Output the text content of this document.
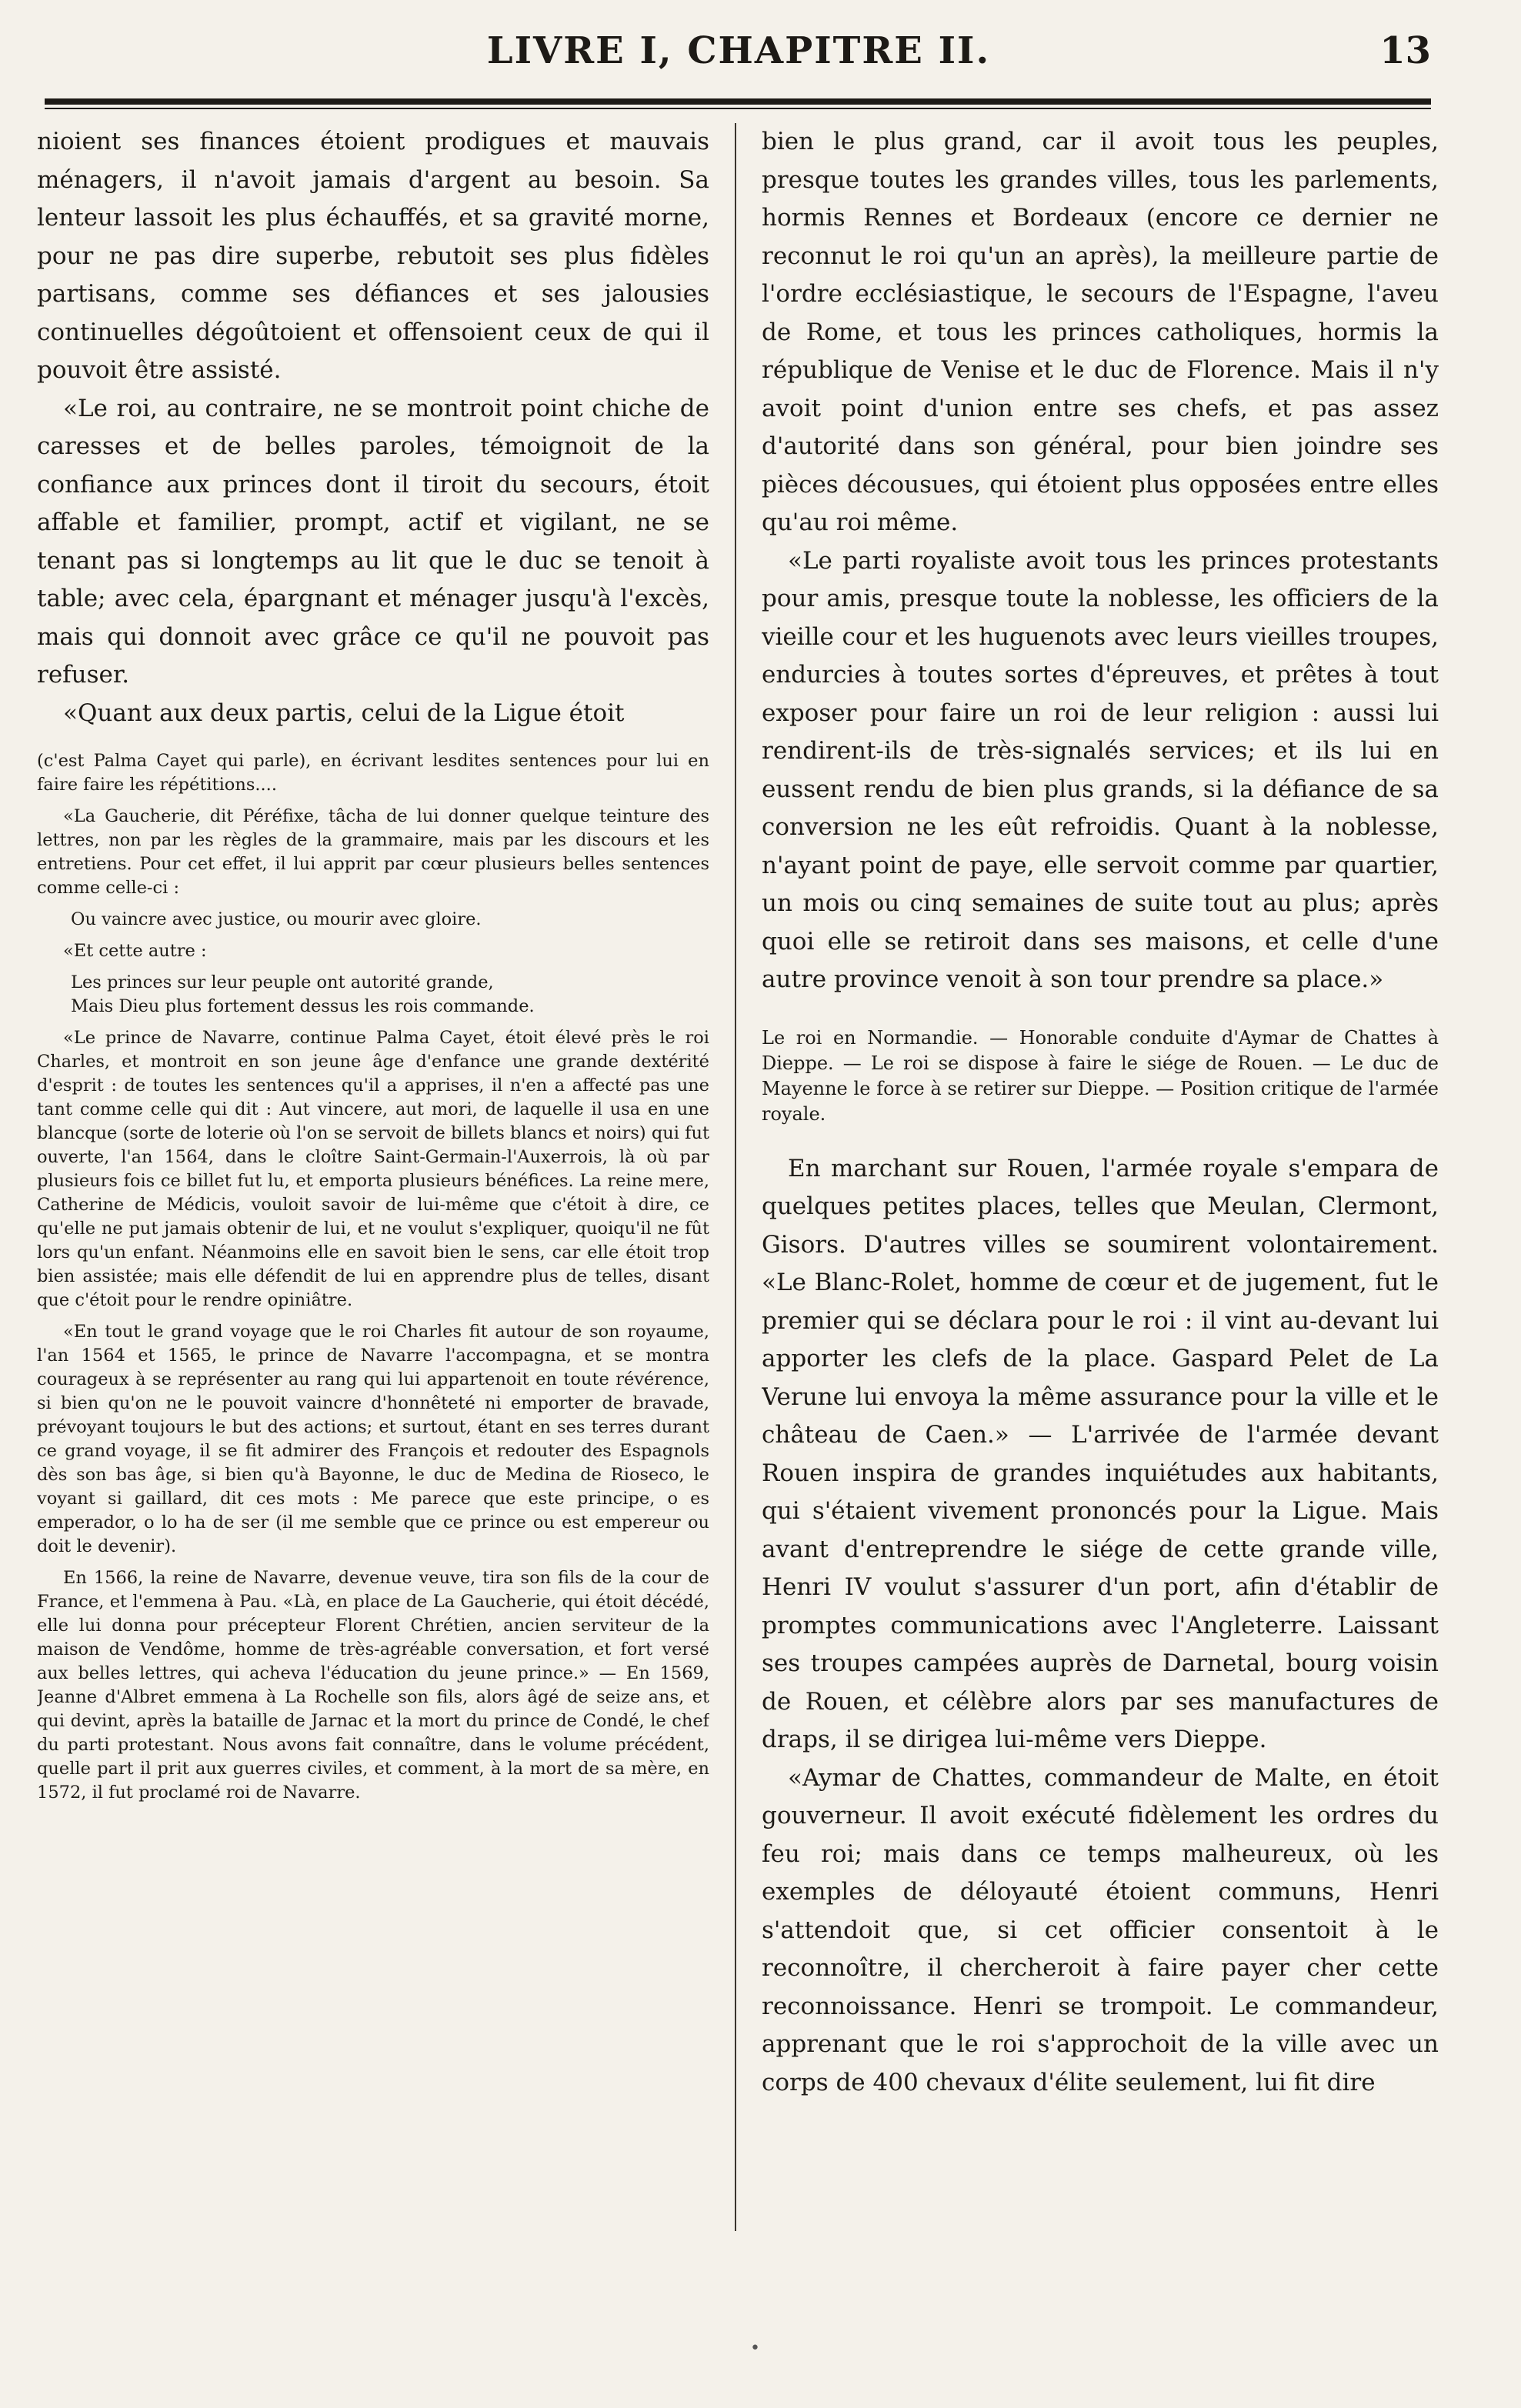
LIVRE I, CHAPITRE II.	13

nioient ses finances étoient prodigues et mauvais ménagers, il n'avoit jamais d'argent au besoin. Sa lenteur lassoit les plus échauffés, et sa gravité morne, pour ne pas dire superbe, rebutoit ses plus fidèles partisans, comme ses défiances et ses jalousies continuelles dégoûtoient et offensoient ceux de qui il pouvoit être assisté.

«Le roi, au contraire, ne se montroit point chiche de caresses et de belles paroles, témoignoit de la confiance aux princes dont il tiroit du secours, étoit affable et familier, prompt, actif et vigilant, ne se tenant pas si longtemps au lit que le duc se tenoit à table; avec cela, épargnant et ménager jusqu'à l'excès, mais qui donnoit avec grâce ce qu'il ne pouvoit pas refuser.

«Quant aux deux partis, celui de la Ligue étoit

(c'est Palma Cayet qui parle), en écrivant lesdites sentences pour lui en faire faire les répétitions....

«La Gaucherie, dit Péréfixe, tâcha de lui donner quelque teinture des lettres, non par les règles de la grammaire, mais par les discours et les entretiens. Pour cet effet, il lui apprit par cœur plusieurs belles sentences comme celle-ci :

Ou vaincre avec justice, ou mourir avec gloire.

«Et cette autre :

Les princes sur leur peuple ont autorité grande,

Mais Dieu plus fortement dessus les rois commande.

«Le prince de Navarre, continue Palma Cayet, étoit élevé près le roi Charles, et montroit en son jeune âge d'enfance une grande dextérité d'esprit : de toutes les sentences qu'il a apprises, il n'en a affecté pas une tant comme celle qui dit : Aut vincere, aut mori, de laquelle il usa en une blancque (sorte de loterie où l'on se servoit de billets blancs et noirs) qui fut ouverte, l'an 1564, dans le cloître Saint-Germain-l'Auxerrois, là où par plusieurs fois ce billet fut lu, et emporta plusieurs bénéfices. La reine mere, Catherine de Médicis, vouloit savoir de lui-même que c'étoit à dire, ce qu'elle ne put jamais obtenir de lui, et ne voulut s'expliquer, quoiqu'il ne fût lors qu'un enfant. Néanmoins elle en savoit bien le sens, car elle étoit trop bien assistée; mais elle défendit de lui en apprendre plus de telles, disant que c'étoit pour le rendre opiniâtre.

«En tout le grand voyage que le roi Charles fit autour de son royaume, l'an 1564 et 1565, le prince de Navarre l'accompagna, et se montra courageux à se représenter au rang qui lui appartenoit en toute révérence, si bien qu'on ne le pouvoit vaincre d'honnêteté ni emporter de bravade, prévoyant toujours le but des actions; et surtout, étant en ses terres durant ce grand voyage, il se fit admirer des François et redouter des Espagnols dès son bas âge, si bien qu'à Bayonne, le duc de Medina de Rioseco, le voyant si gaillard, dit ces mots : Me parece que este principe, o es emperador, o lo ha de ser (il me semble que ce prince ou est empereur ou doit le devenir).

En 1566, la reine de Navarre, devenue veuve, tira son fils de la cour de France, et l'emmena à Pau. «Là, en place de La Gaucherie, qui étoit décédé, elle lui donna pour précepteur Florent Chrétien, ancien serviteur de la maison de Vendôme, homme de très-agréable conversation, et fort versé aux belles lettres, qui acheva l'éducation du jeune prince.» — En 1569, Jeanne d'Albret emmena à La Rochelle son fils, alors âgé de seize ans, et qui devint, après la bataille de Jarnac et la mort du prince de Condé, le chef du parti protestant. Nous avons fait connaître, dans le volume précédent, quelle part il prit aux guerres civiles, et comment, à la mort de sa mère, en 1572, il fut proclamé roi de Navarre.

bien le plus grand, car il avoit tous les peuples, presque toutes les grandes villes, tous les parlements, hormis Rennes et Bordeaux (encore ce dernier ne reconnut le roi qu'un an après), la meilleure partie de l'ordre ecclésiastique, le secours de l'Espagne, l'aveu de Rome, et tous les princes catholiques, hormis la république de Venise et le duc de Florence. Mais il n'y avoit point d'union entre ses chefs, et pas assez d'autorité dans son général, pour bien joindre ses pièces décousues, qui étoient plus opposées entre elles qu'au roi même.

«Le parti royaliste avoit tous les princes protestants pour amis, presque toute la noblesse, les officiers de la vieille cour et les huguenots avec leurs vieilles troupes, endurcies à toutes sortes d'épreuves, et prêtes à tout exposer pour faire un roi de leur religion : aussi lui rendirent-ils de très-signalés services; et ils lui en eussent rendu de bien plus grands, si la défiance de sa conversion ne les eût refroidis. Quant à la noblesse, n'ayant point de paye, elle servoit comme par quartier, un mois ou cinq semaines de suite tout au plus; après quoi elle se retiroit dans ses maisons, et celle d'une autre province venoit à son tour prendre sa place.»

Le roi en Normandie. — Honorable conduite d'Aymar de Chattes à Dieppe. — Le roi se dispose à faire le siége de Rouen. — Le duc de Mayenne le force à se retirer sur Dieppe. — Position critique de l'armée royale.

En marchant sur Rouen, l'armée royale s'empara de quelques petites places, telles que Meulan, Clermont, Gisors. D'autres villes se soumirent volontairement. «Le Blanc-Rolet, homme de cœur et de jugement, fut le premier qui se déclara pour le roi : il vint au-devant lui apporter les clefs de la place. Gaspard Pelet de La Verune lui envoya la même assurance pour la ville et le château de Caen.» — L'arrivée de l'armée devant Rouen inspira de grandes inquiétudes aux habitants, qui s'étaient vivement prononcés pour la Ligue. Mais avant d'entreprendre le siége de cette grande ville, Henri IV voulut s'assurer d'un port, afin d'établir de promptes communications avec l'Angleterre. Laissant ses troupes campées auprès de Darnetal, bourg voisin de Rouen, et célèbre alors par ses manufactures de draps, il se dirigea lui-même vers Dieppe.

«Aymar de Chattes, commandeur de Malte, en étoit gouverneur. Il avoit exécuté fidèlement les ordres du feu roi; mais dans ce temps malheureux, où les exemples de déloyauté étoient communs, Henri s'attendoit que, si cet officier consentoit à le reconnoître, il chercheroit à faire payer cher cette reconnoissance. Henri se trompoit. Le commandeur, apprenant que le roi s'approchoit de la ville avec un corps de 400 chevaux d'élite seulement, lui fit dire

•
